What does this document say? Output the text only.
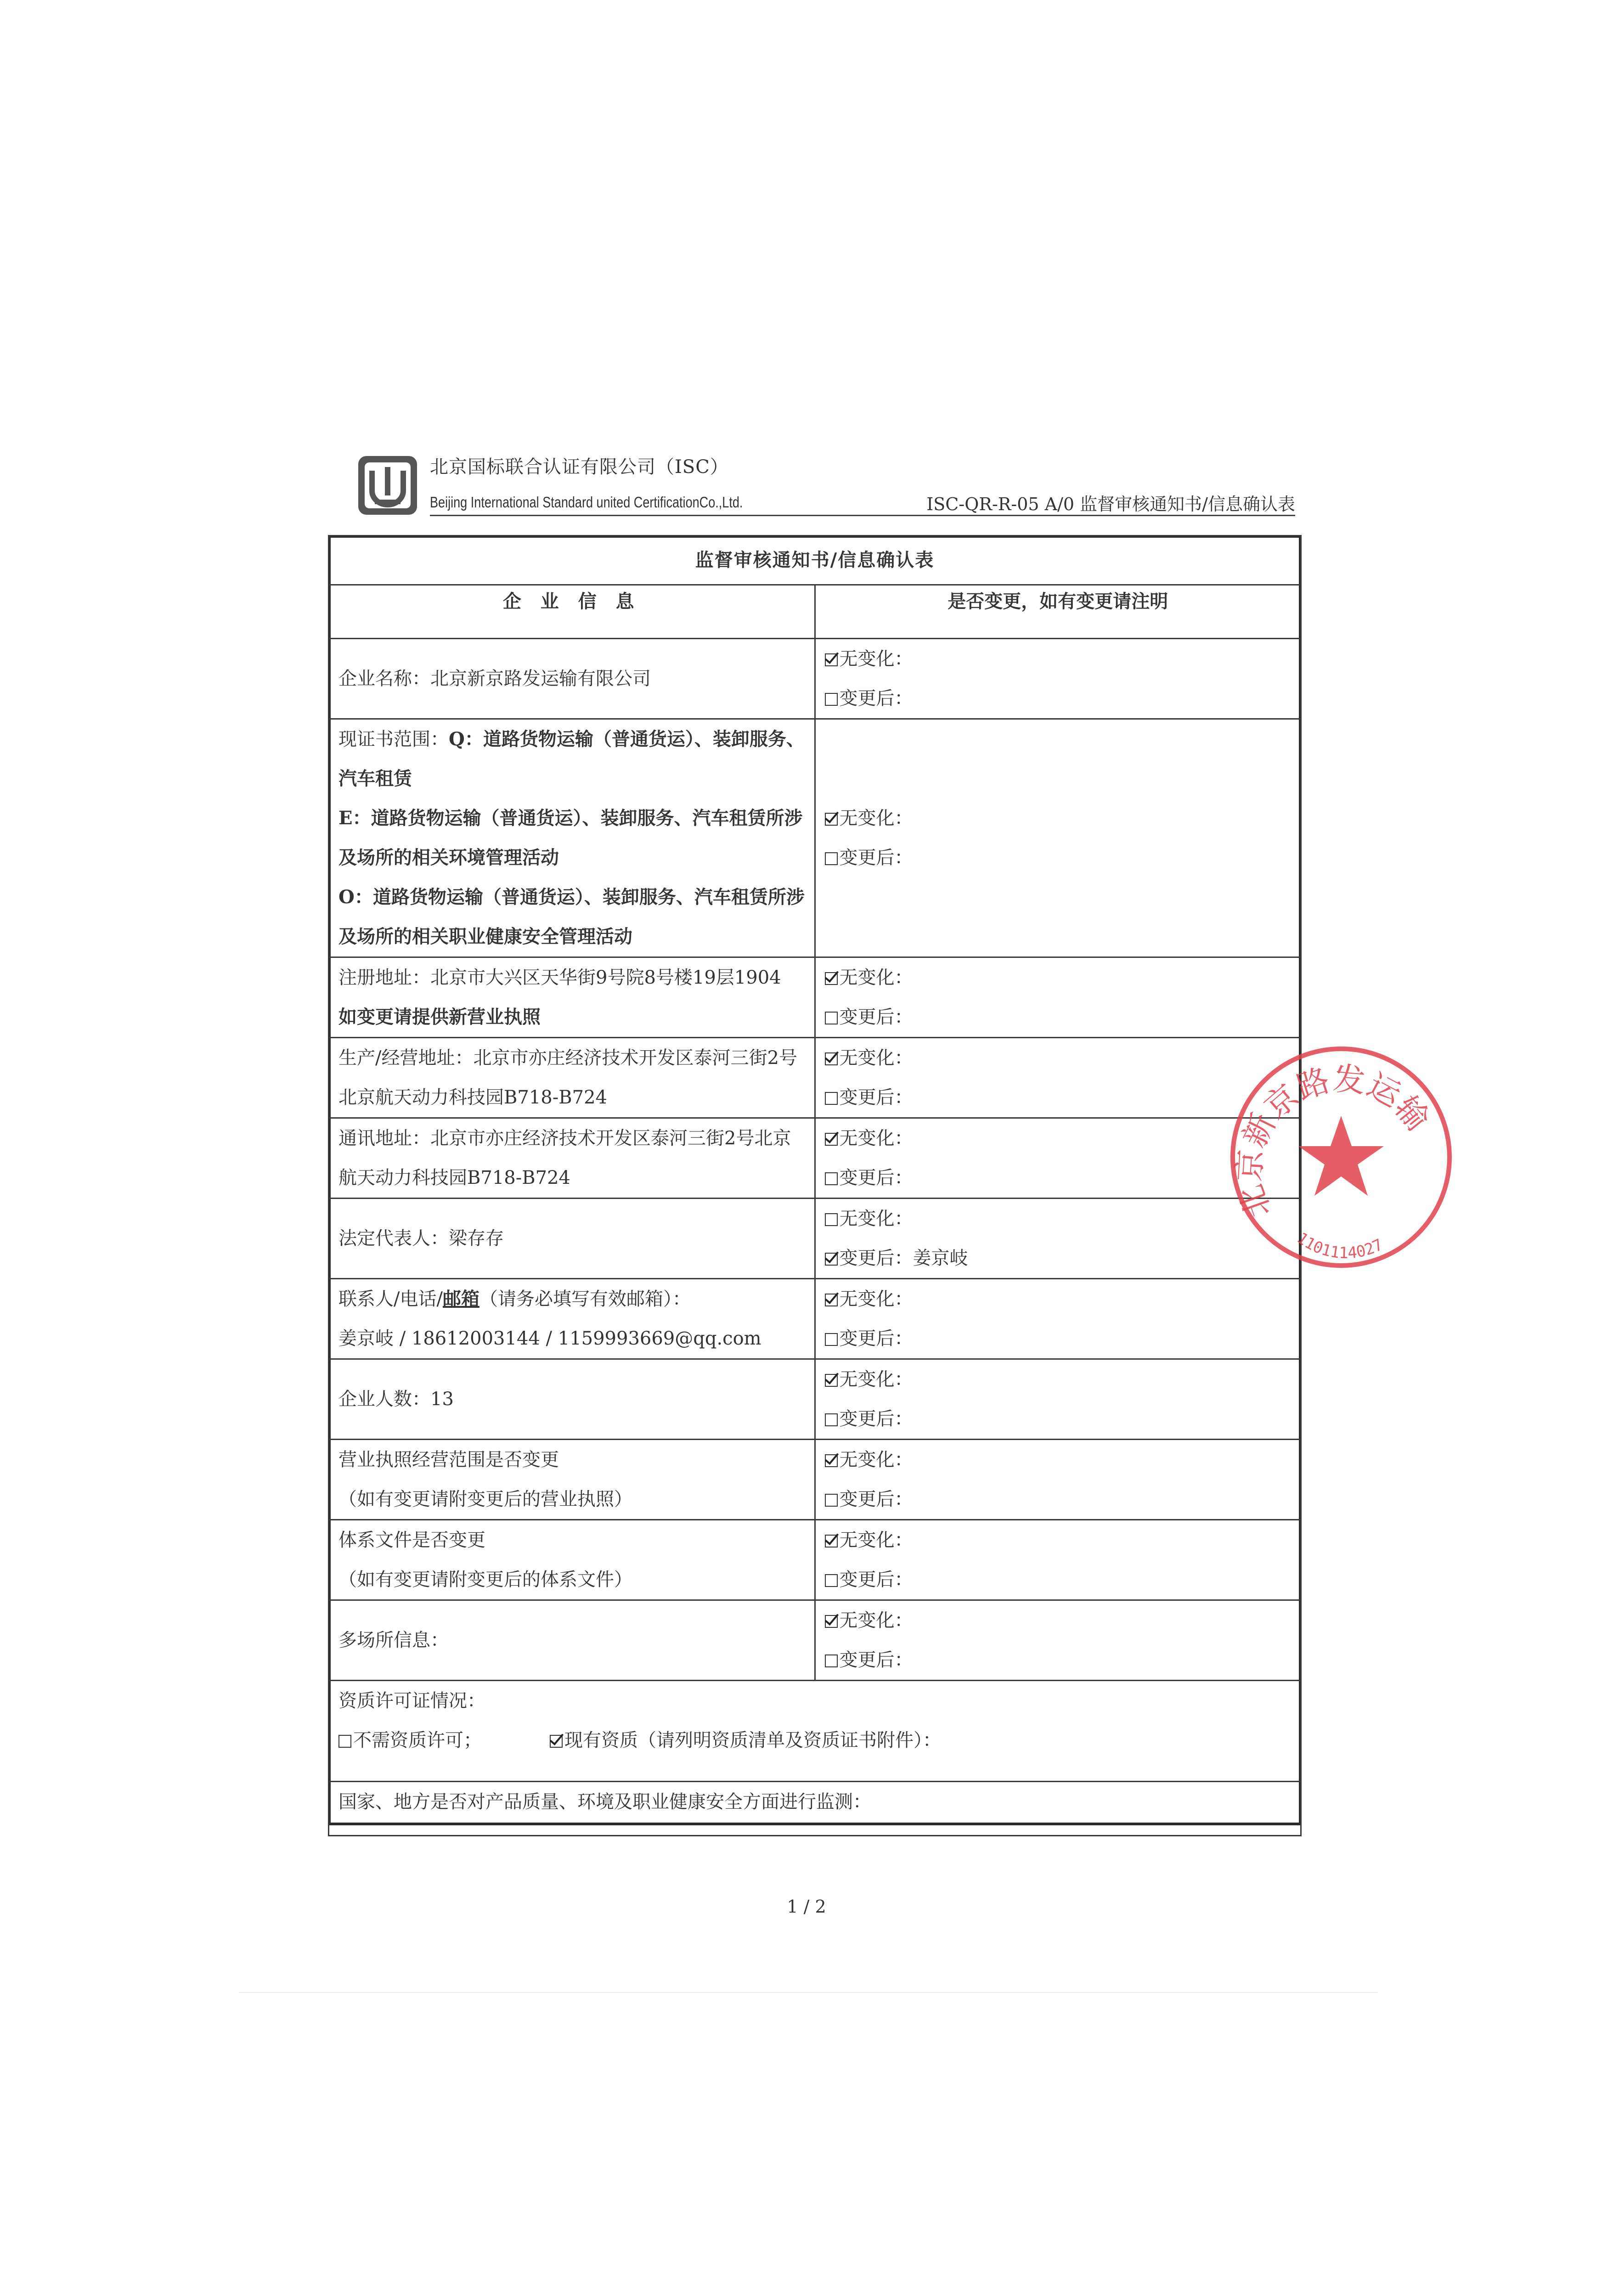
北京国标联合认证有限公司（ISC）
Beijing International Standard united CertificationCo.,Ltd.	ISC-QR-R-05 A/0 监督审核通知书/信息确认表
监督审核通知书/信息确认表	
企 业 信 息	是否变更，如有变更请注明
企业名称：北京新京路发运输有限公司	无变化：
变更后：

现证书范围：Q：道路货物运输（普通货运）、装卸服务、汽车租赁
E：道路货物运输（普通货运）、装卸服务、汽车租赁所涉及场所的相关环境管理活动
O：道路货物运输（普通货运）、装卸服务、汽车租赁所涉及场所的相关职业健康安全管理活动	无变化：
变更后：

注册地址：北京市大兴区天华街9号院8号楼19层1904
如变更请提供新营业执照	无变化：
变更后：

生产/经营地址：北京市亦庄经济技术开发区泰河三街2号北京航天动力科技园B718-B724	无变化：
变更后：

通讯地址：北京市亦庄经济技术开发区泰河三街2号北京航天动力科技园B718-B724	无变化：
变更后：

法定代表人：梁存存	无变化：
变更后：姜京岐

联系人/电话/邮箱（请务必填写有效邮箱）：
姜京岐 / 18612003144 / 1159993669@qq.com	无变化：
变更后：

企业人数：13	无变化：
变更后：

营业执照经营范围是否变更
（如有变更请附变更后的营业执照）	无变化：
变更后：

体系文件是否变更
（如有变更请附变更后的体系文件）	无变化：
变更后：

多场所信息：	无变化：
变更后：

资质许可证情况：
不需资质许可； 现有资质（请列明资质清单及资质证书附件）：	
国家、地方是否对产品质量、环境及职业健康安全方面进行监测：	
北京新京路发运输
1101114027
1 / 2
